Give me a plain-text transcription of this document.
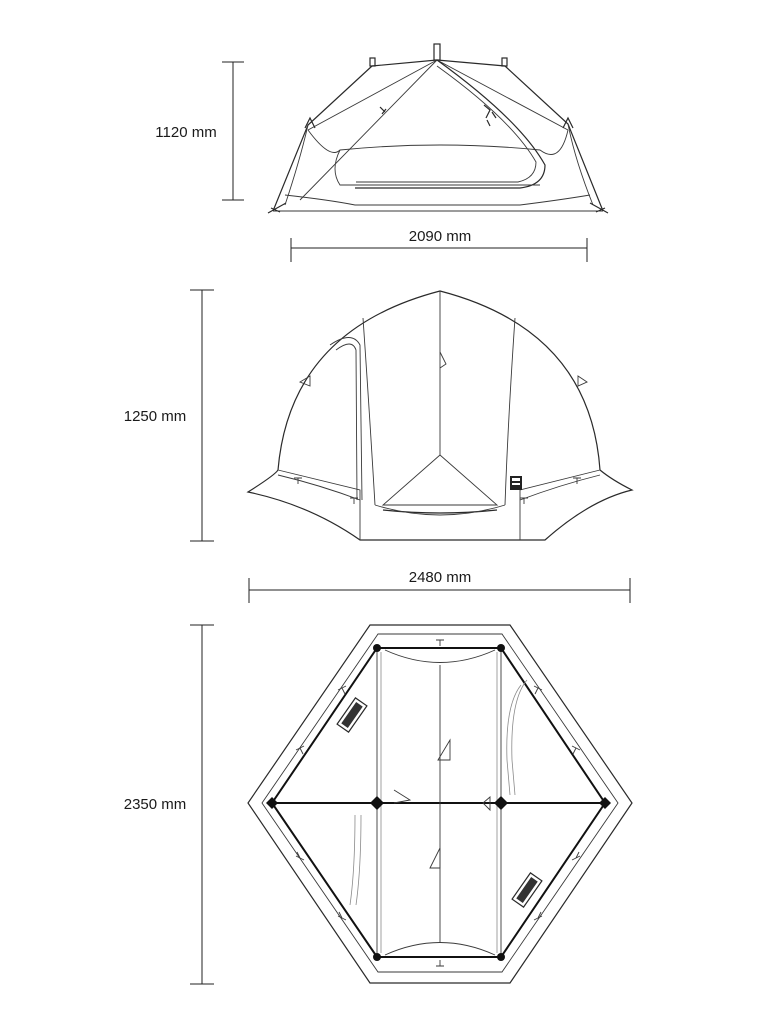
1120 mm
2090 mm
1250 mm
2480 mm
2350 mm
